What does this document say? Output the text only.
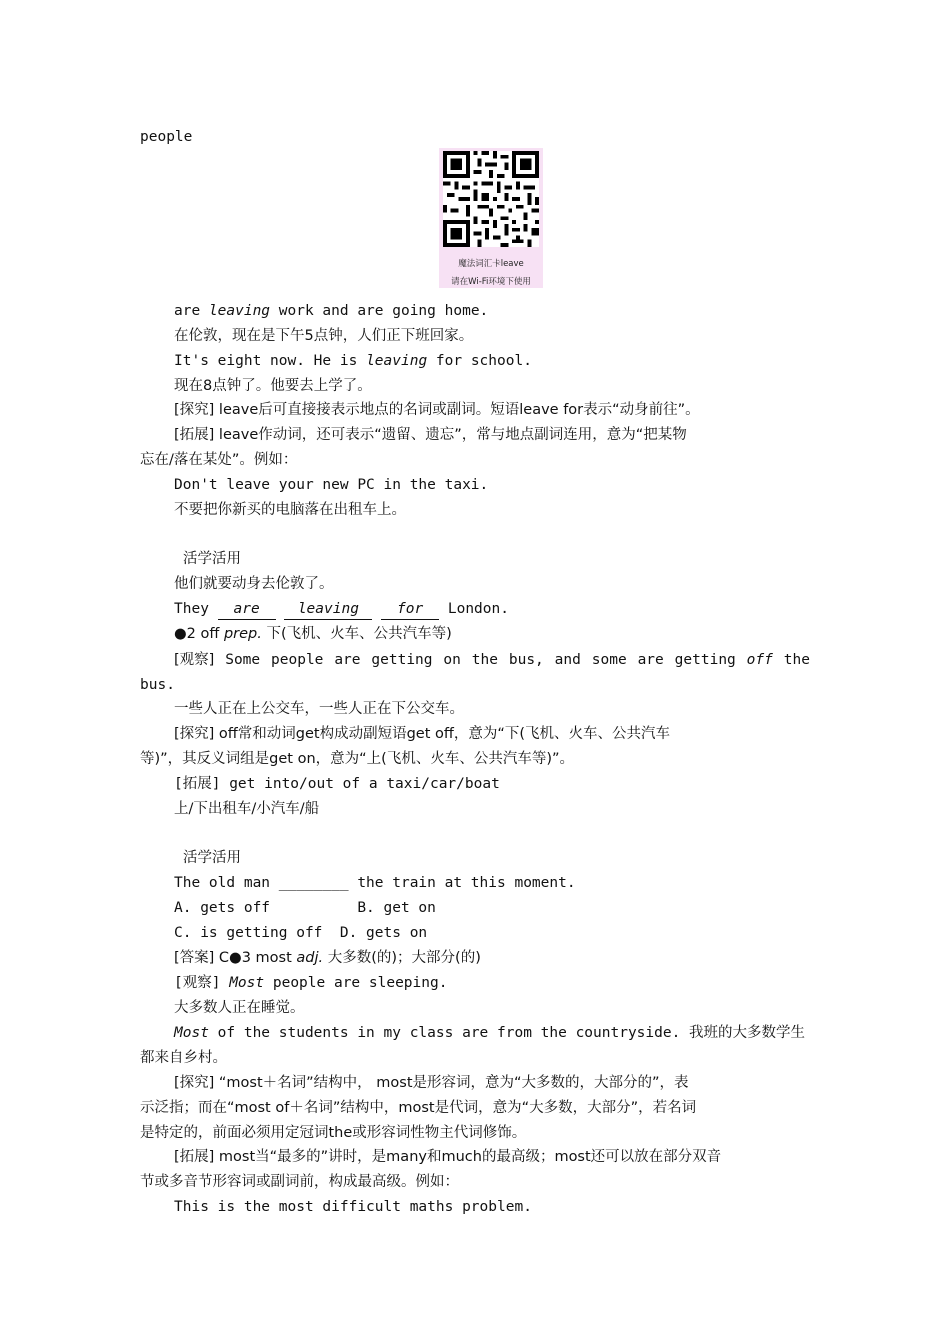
people
魔法词汇卡leave
请在Wi-Fi环境下使用
are leaving work and are going home.
在伦敦，现在是下午5点钟，人们正下班回家。
It's eight now. He is leaving for school.
现在8点钟了。他要去上学了。
[探究] leave后可直接接表示地点的名词或副词。短语leave for表示“动身前往”。
[拓展] leave作动词，还可表示“遗留、遗忘”，常与地点副词连用，意为“把某物
忘在/落在某处”。例如：
Don't leave your new PC in the taxi.
不要把你新买的电脑落在出租车上。
活学活用
他们就要动身去伦敦了。
They are	leaving	for London.
●2 off prep. 下(飞机、火车、公共汽车等)
[观察] Some people are getting on the bus, and some are getting off the
bus.
一些人正在上公交车，一些人正在下公交车。
[探究] off常和动词get构成动副短语get off，意为“下(飞机、火车、公共汽车
等)”，其反义词组是get on，意为“上(飞机、火车、公共汽车等)”。
[拓展] get into/out of a taxi/car/boat
上/下出租车/小汽车/船
活学活用
The old man ________ the train at this moment.
A. gets off          B. get on
C. is getting off  D. gets on
[答案] C●3 most adj. 大多数(的)；大部分(的)
[观察] Most people are sleeping.
大多数人正在睡觉。
Most of the students in my class are from the countryside. 我班的大多数学生
都来自乡村。
[探究] “most＋名词”结构中， most是形容词，意为“大多数的，大部分的”，表
示泛指；而在“most of＋名词”结构中，most是代词，意为“大多数，大部分”，若名词
是特定的，前面必须用定冠词the或形容词性物主代词修饰。
[拓展] most当“最多的”讲时，是many和much的最高级；most还可以放在部分双音
节或多音节形容词或副词前，构成最高级。例如：
This is the most difficult maths problem.
